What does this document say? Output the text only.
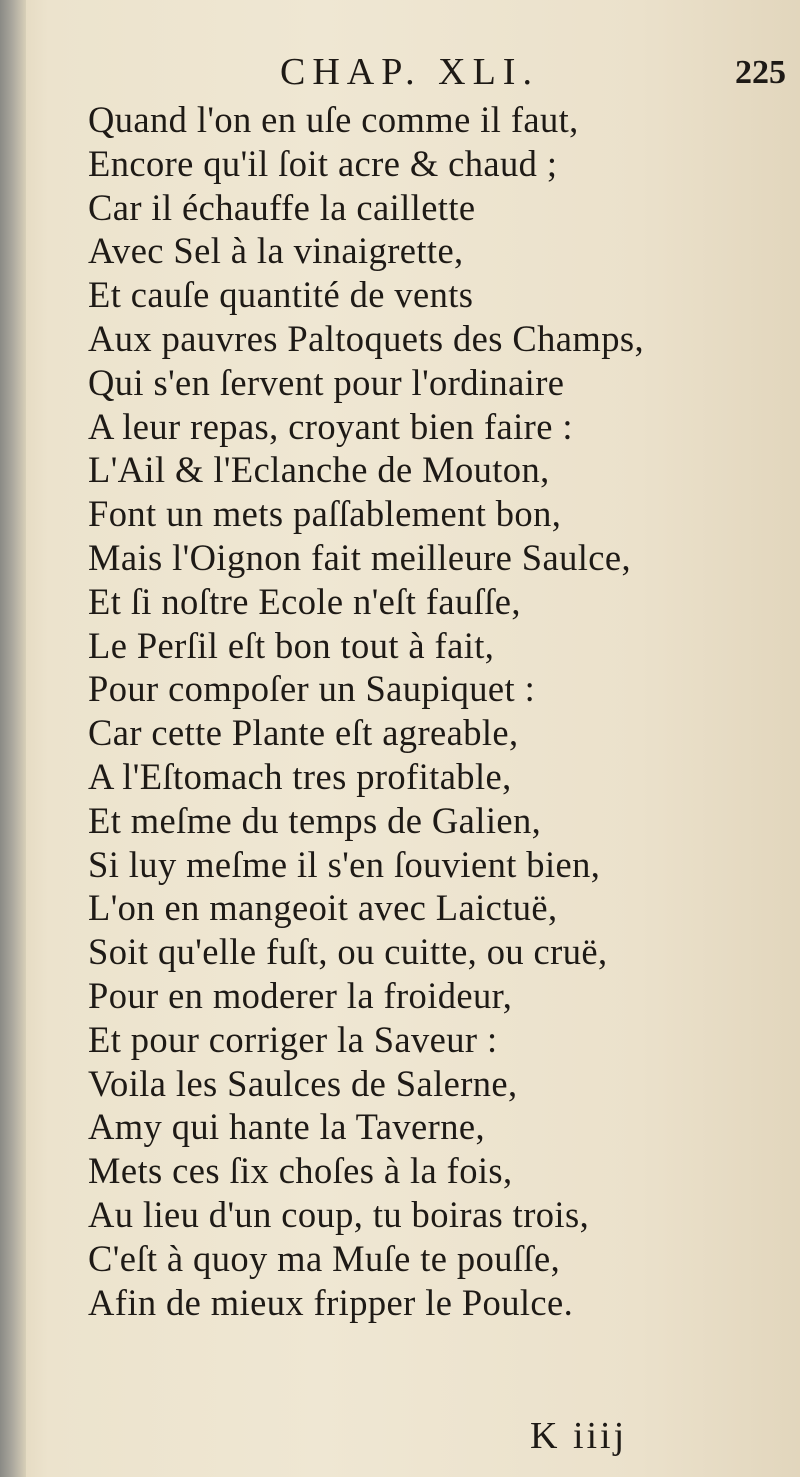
CHAP. XLI.	225
Quand l'on en uſe comme il faut,
Encore qu'il ſoit acre & chaud ;
Car il échauffe la caillette
Avec Sel à la vinaigrette,
Et cauſe quantité de vents
Aux pauvres Paltoquets des Champs,
Qui s'en ſervent pour l'ordinaire
A leur repas, croyant bien faire :
L'Ail & l'Eclanche de Mouton,
Font un mets paſſablement bon,
Mais l'Oignon fait meilleure Saulce,
Et ſi noſtre Ecole n'eſt fauſſe,
Le Perſil eſt bon tout à fait,
Pour compoſer un Saupiquet :
Car cette Plante eſt agreable,
A l'Eſtomach tres profitable,
Et meſme du temps de Galien,
Si luy meſme il s'en ſouvient bien,
L'on en mangeoit avec Laictuë,
Soit qu'elle fuſt, ou cuitte, ou cruë,
Pour en moderer la froideur,
Et pour corriger la Saveur :
Voila les Saulces de Salerne,
Amy qui hante la Taverne,
Mets ces ſix choſes à la fois,
Au lieu d'un coup, tu boiras trois,
C'eſt à quoy ma Muſe te pouſſe,
Afin de mieux fripper le Poulce.
K iiij
